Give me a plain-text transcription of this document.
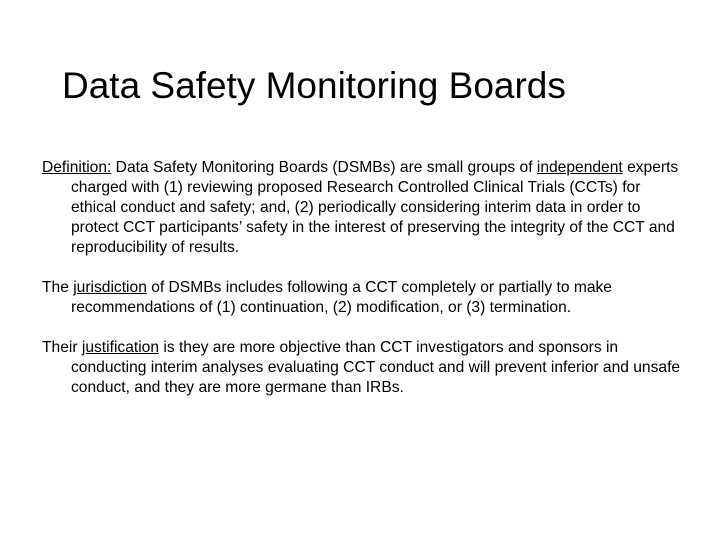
Data Safety Monitoring Boards

Definition: Data Safety Monitoring Boards (DSMBs) are small groups of independent experts charged with (1) reviewing proposed Research Controlled Clinical Trials (CCTs) for ethical conduct and safety; and, (2) periodically considering interim data in order to protect CCT participants’ safety in the interest of preserving the integrity of the CCT and reproducibility of results.

The jurisdiction of DSMBs includes following a CCT completely or partially to make recommendations of (1) continuation, (2) modification, or (3) termination.

Their justification is they are more objective than CCT investigators and sponsors in conducting interim analyses evaluating CCT conduct and will prevent inferior and unsafe conduct, and they are more germane than IRBs.
